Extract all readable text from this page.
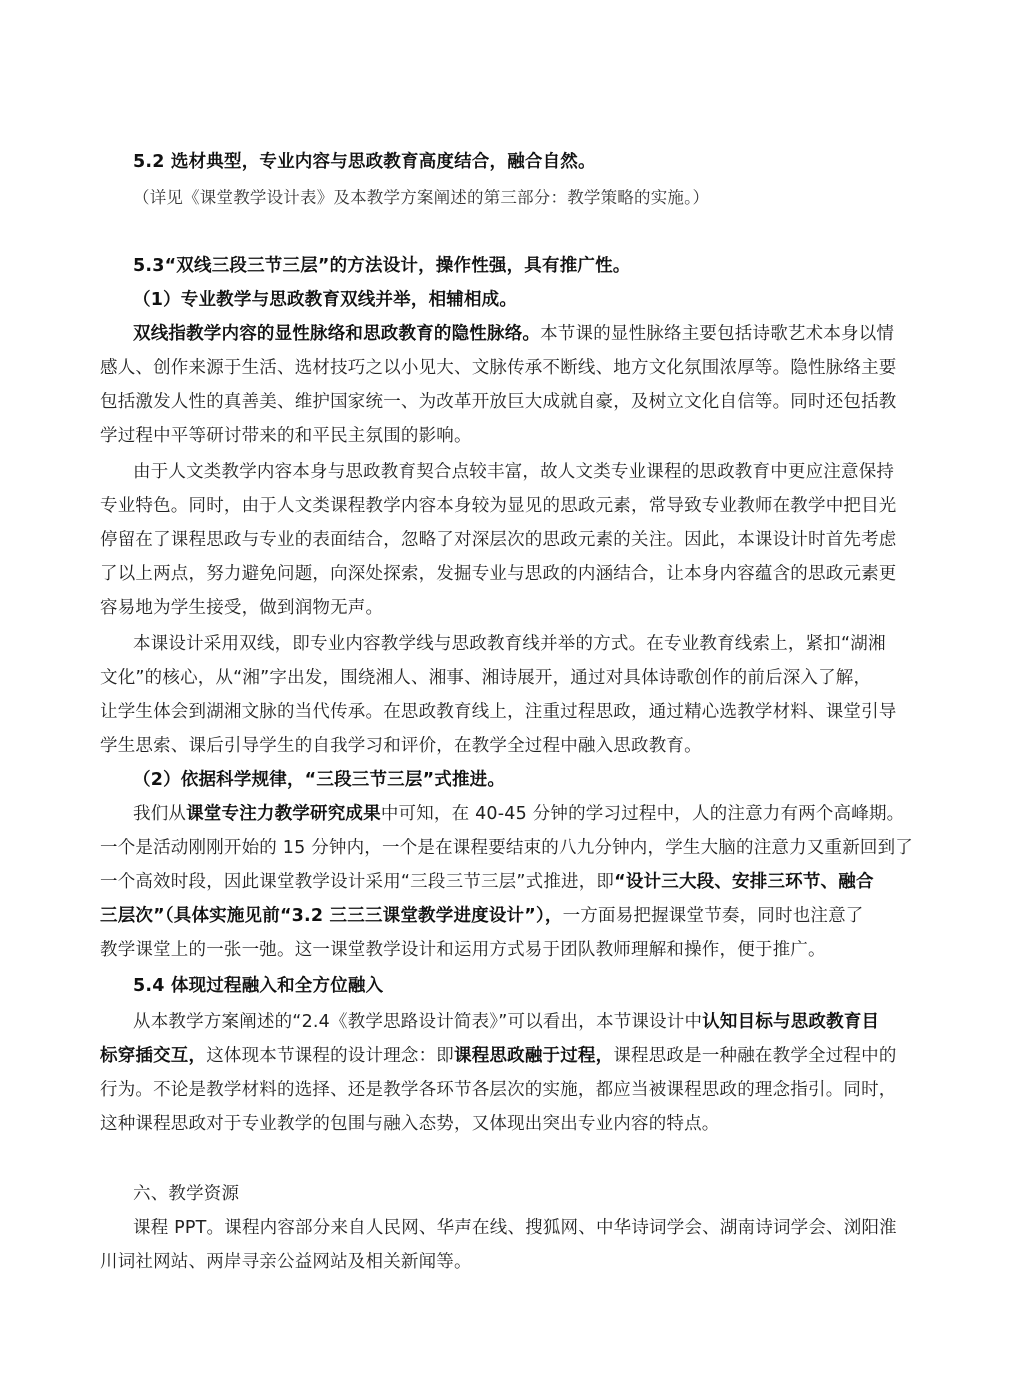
5.2 选材典型，专业内容与思政教育高度结合，融合自然。
（详见《课堂教学设计表》及本教学方案阐述的第三部分：教学策略的实施。）
5.3“双线三段三节三层”的方法设计，操作性强，具有推广性。
（1）专业教学与思政教育双线并举，相辅相成。
双线指教学内容的显性脉络和思政教育的隐性脉络。本节课的显性脉络主要包括诗歌艺术本身以情
感人、创作来源于生活、选材技巧之以小见大、文脉传承不断线、地方文化氛围浓厚等。隐性脉络主要
包括激发人性的真善美、维护国家统一、为改革开放巨大成就自豪，及树立文化自信等。同时还包括教
学过程中平等研讨带来的和平民主氛围的影响。
由于人文类教学内容本身与思政教育契合点较丰富，故人文类专业课程的思政教育中更应注意保持
专业特色。同时，由于人文类课程教学内容本身较为显见的思政元素，常导致专业教师在教学中把目光
停留在了课程思政与专业的表面结合，忽略了对深层次的思政元素的关注。因此，本课设计时首先考虑
了以上两点，努力避免问题，向深处探索，发掘专业与思政的内涵结合，让本身内容蕴含的思政元素更
容易地为学生接受，做到润物无声。
本课设计采用双线，即专业内容教学线与思政教育线并举的方式。在专业教育线索上，紧扣“湖湘
文化”的核心，从“湘”字出发，围绕湘人、湘事、湘诗展开，通过对具体诗歌创作的前后深入了解，
让学生体会到湖湘文脉的当代传承。在思政教育线上，注重过程思政，通过精心选教学材料、课堂引导
学生思索、课后引导学生的自我学习和评价，在教学全过程中融入思政教育。
（2）依据科学规律，“三段三节三层”式推进。
我们从课堂专注力教学研究成果中可知，在 40-45 分钟的学习过程中，人的注意力有两个高峰期。
一个是活动刚刚开始的 15 分钟内，一个是在课程要结束的八九分钟内，学生大脑的注意力又重新回到了
一个高效时段，因此课堂教学设计采用“三段三节三层”式推进，即“设计三大段、安排三环节、融合
三层次”（具体实施见前“3.2 三三三课堂教学进度设计”），一方面易把握课堂节奏，同时也注意了
教学课堂上的一张一弛。这一课堂教学设计和运用方式易于团队教师理解和操作，便于推广。
5.4 体现过程融入和全方位融入
从本教学方案阐述的“2.4《教学思路设计简表》”可以看出，本节课设计中认知目标与思政教育目
标穿插交互，这体现本节课程的设计理念：即课程思政融于过程，课程思政是一种融在教学全过程中的
行为。不论是教学材料的选择、还是教学各环节各层次的实施，都应当被课程思政的理念指引。同时，
这种课程思政对于专业教学的包围与融入态势，又体现出突出专业内容的特点。
六、教学资源
课程 PPT。课程内容部分来自人民网、华声在线、搜狐网、中华诗词学会、湖南诗词学会、浏阳淮
川词社网站、两岸寻亲公益网站及相关新闻等。
